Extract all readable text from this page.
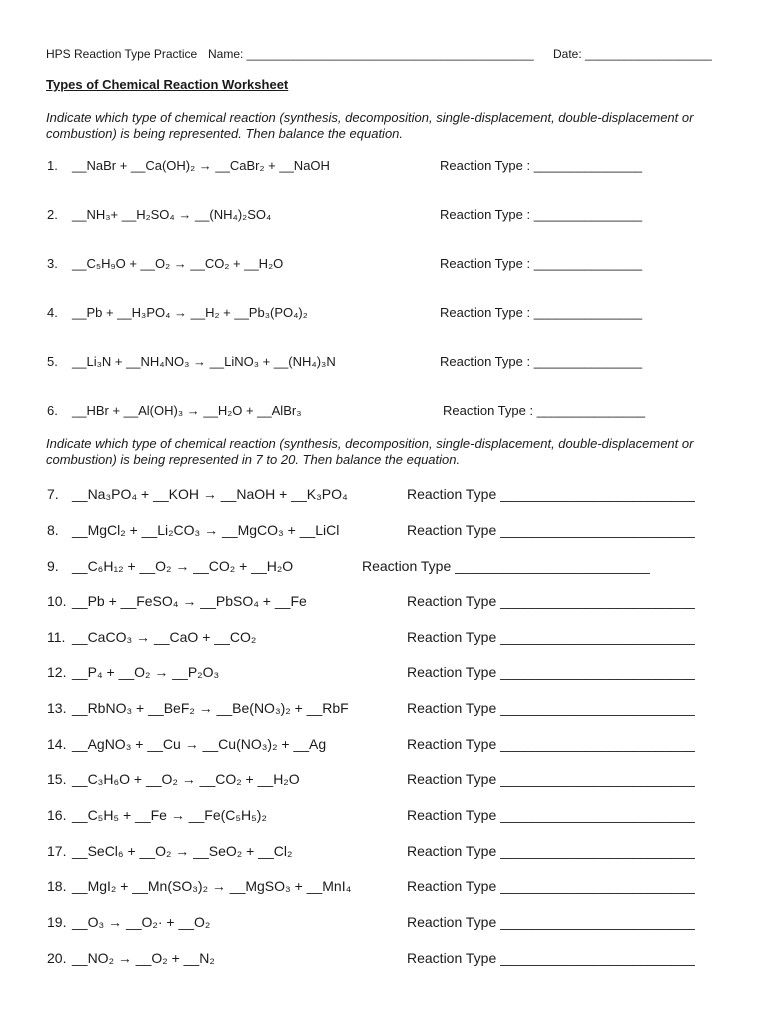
HPS Reaction Type Practice Name: ___________________________________________ Date: ___________________
Types of Chemical Reaction Worksheet
Indicate which type of chemical reaction (synthesis, decomposition, single-displacement, double-displacement or combustion) is being represented. Then balance the equation.
1. __NaBr + __Ca(OH)₂ → __CaBr₂ + __NaOH	Reaction Type : _______________
2. __NH₃+ __H₂SO₄ → __(NH₄)₂SO₄	Reaction Type : _______________
3. __C₅H₉O + __O₂ → __CO₂ + __H₂O	Reaction Type : _______________
4. __Pb + __H₃PO₄ → __H₂ + __Pb₃(PO₄)₂	Reaction Type : _______________
5. __Li₃N + __NH₄NO₃ → __LiNO₃ + __(NH₄)₃N	Reaction Type : _______________
6. __HBr + __Al(OH)₃ → __H₂O + __AlBr₃	Reaction Type : _______________
Indicate which type of chemical reaction (synthesis, decomposition, single-displacement, double-displacement or combustion) is being represented in 7 to 20. Then balance the equation.
7. __Na₃PO₄ + __KOH → __NaOH + __K₃PO₄	Reaction Type _________________________
8. __MgCl₂ + __Li₂CO₃ → __MgCO₃ + __LiCl	Reaction Type _________________________
9. __C₆H₁₂ + __O₂ → __CO₂ + __H₂O	Reaction Type _________________________
10. __Pb + __FeSO₄ → __PbSO₄ + __Fe	Reaction Type _________________________
11. __CaCO₃ → __CaO + __CO₂	Reaction Type _________________________
12. __P₄ + __O₂ → __P₂O₃	Reaction Type _________________________
13. __RbNO₃ + __BeF₂ → __Be(NO₃)₂ + __RbF	Reaction Type _________________________
14. __AgNO₃ + __Cu → __Cu(NO₃)₂ + __Ag	Reaction Type _________________________
15. __C₃H₆O + __O₂ → __CO₂ + __H₂O	Reaction Type _________________________
16. __C₅H₅ + __Fe → __Fe(C₅H₅)₂	Reaction Type _________________________
17. __SeCl₆ + __O₂ → __SeO₂ + __Cl₂	Reaction Type _________________________
18. __MgI₂ + __Mn(SO₃)₂ → __MgSO₃ + __MnI₄	Reaction Type _________________________
19. __O₃ → __O₂· + __O₂	Reaction Type _________________________
20. __NO₂ → __O₂ + __N₂	Reaction Type _________________________
